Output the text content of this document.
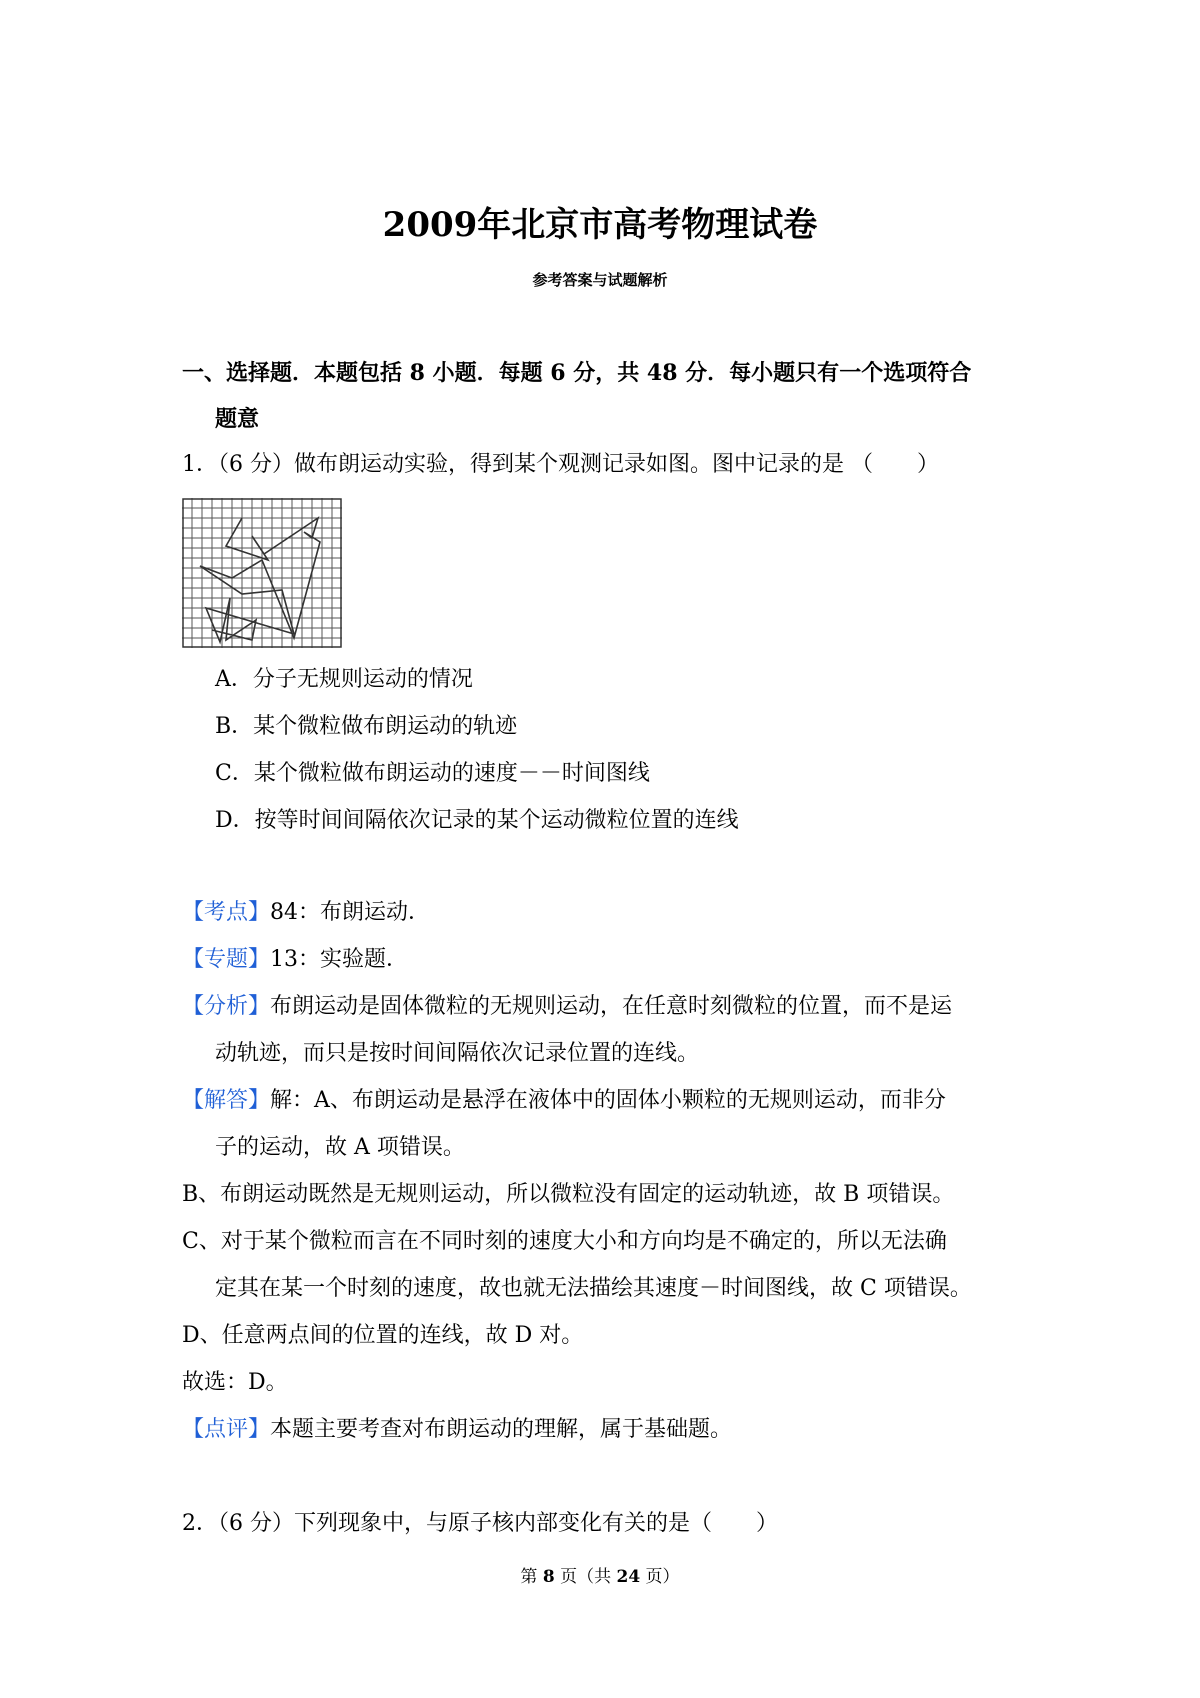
2009年北京市高考物理试卷
参考答案与试题解析
一、选择题．本题包括 8 小题．每题 6 分，共 48 分．每小题只有一个选项符合
题意
1．（6 分）做布朗运动实验，得到某个观测记录如图。图中记录的是 （　　）
A．分子无规则运动的情况
B．某个微粒做布朗运动的轨迹
C．某个微粒做布朗运动的速度－－时间图线
D．按等时间间隔依次记录的某个运动微粒位置的连线
【考点】84：布朗运动．
【专题】13：实验题．
【分析】布朗运动是固体微粒的无规则运动，在任意时刻微粒的位置，而不是运
动轨迹，而只是按时间间隔依次记录位置的连线。
【解答】解：A、布朗运动是悬浮在液体中的固体小颗粒的无规则运动，而非分
子的运动，故 A 项错误。
B、布朗运动既然是无规则运动，所以微粒没有固定的运动轨迹，故 B 项错误。
C、对于某个微粒而言在不同时刻的速度大小和方向均是不确定的，所以无法确
定其在某一个时刻的速度，故也就无法描绘其速度－时间图线，故 C 项错误。
D、任意两点间的位置的连线，故 D 对。
故选：D。
【点评】本题主要考查对布朗运动的理解，属于基础题。
2．（6 分）下列现象中，与原子核内部变化有关的是（　　）
第 8 页（共 24 页）
